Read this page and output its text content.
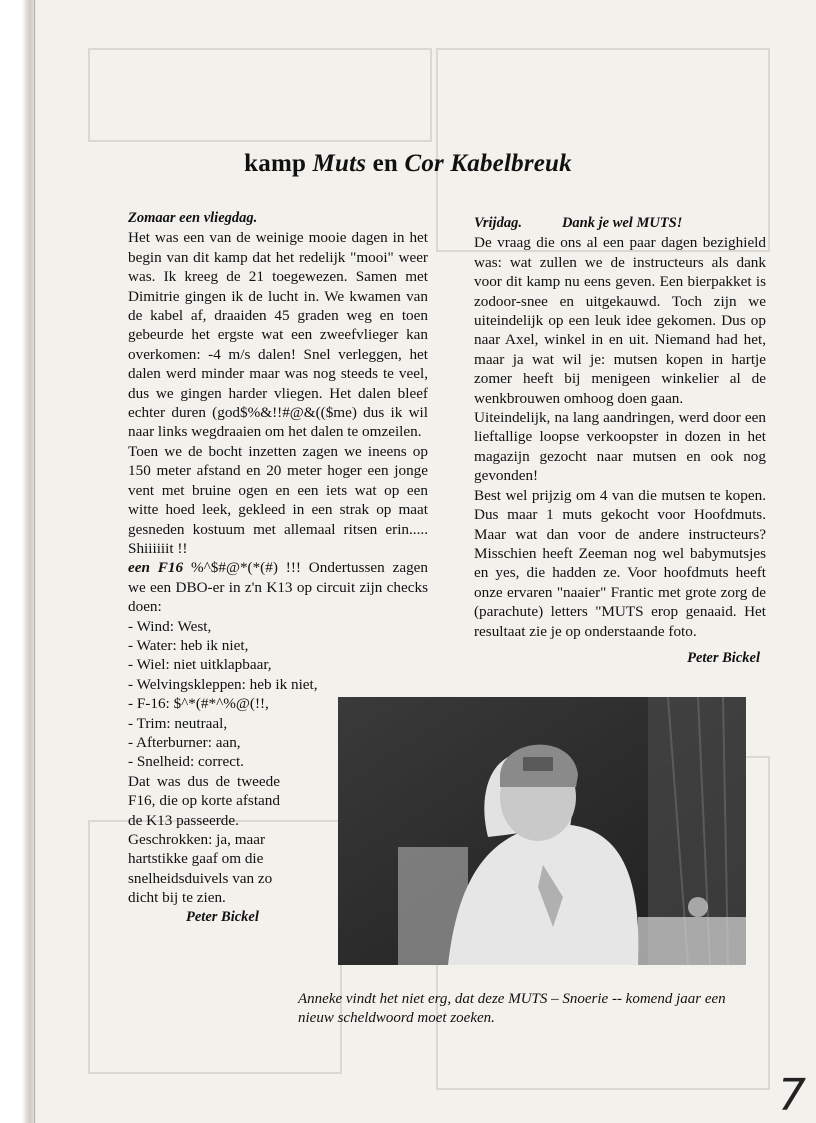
kamp Muts en Cor Kabelbreuk

Zomaar een vliegdag.

Het was een van de weinige mooie dagen in het begin van dit kamp dat het redelijk "mooi" weer was. Ik kreeg de 21 toegewezen. Samen met Dimitrie gingen ik de lucht in. We kwamen van de kabel af, draaiden 45 graden weg en toen gebeurde het ergste wat een zweefvlieger kan overkomen: -4 m/s dalen! Snel verleggen, het dalen werd minder maar was nog steeds te veel, dus we gingen harder vliegen. Het dalen bleef echter duren (god$%&!!#@&(($me) dus ik wil naar links wegdraaien om het dalen te omzeilen.

Toen we de bocht inzetten zagen we ineens op 150 meter afstand en 20 meter hoger een jonge vent met bruine ogen en een iets wat op een witte hoed leek, gekleed in een strak op maat gesneden kostuum met allemaal ritsen erin..... Shiiiiiit !!

een F16 %^$#@*(*(#) !!! Ondertussen zagen we een DBO-er in z'n K13 op circuit zijn checks doen:

- Wind: West,
- Water: heb ik niet,
- Wiel: niet uitklapbaar,
- Welvingskleppen: heb ik niet,
- F-16: $^*(#*^%@(!!,
- Trim: neutraal,
- Afterburner: aan,
- Snelheid: correct.

Dat was dus de tweede F16, die op korte afstand de K13 passeerde.

Geschrokken: ja, maar hartstikke gaaf om die snelheidsduivels van zo dicht bij te zien.

Peter Bickel

Vrijdag.	Dank je wel MUTS!

De vraag die ons al een paar dagen bezighield was: wat zullen we de instructeurs als dank voor dit kamp nu eens geven. Een bierpakket is zodoor-snee en uitgekauwd. Toch zijn we uiteindelijk op een leuk idee gekomen. Dus op naar Axel, winkel in en uit. Niemand had het, maar ja wat wil je: mutsen kopen in hartje zomer heeft bij menigeen winkelier al de wenkbrouwen omhoog doen gaan.

Uiteindelijk, na lang aandringen, werd door een lieftallige loopse verkoopster in dozen in het magazijn gezocht naar mutsen en ook nog gevonden!

Best wel prijzig om 4 van die mutsen te kopen. Dus maar 1 muts gekocht voor Hoofdmuts. Maar wat dan voor de andere instructeurs? Misschien heeft Zeeman nog wel babymutsjes en yes, die hadden ze. Voor hoofdmuts heeft onze ervaren "naaier" Frantic met grote zorg de (parachute) letters "MUTS erop genaaid. Het resultaat zie je op onderstaande foto.

Peter Bickel

Anneke vindt het niet erg, dat deze MUTS – Snoerie -- komend jaar een nieuw scheldwoord moet zoeken.
7
